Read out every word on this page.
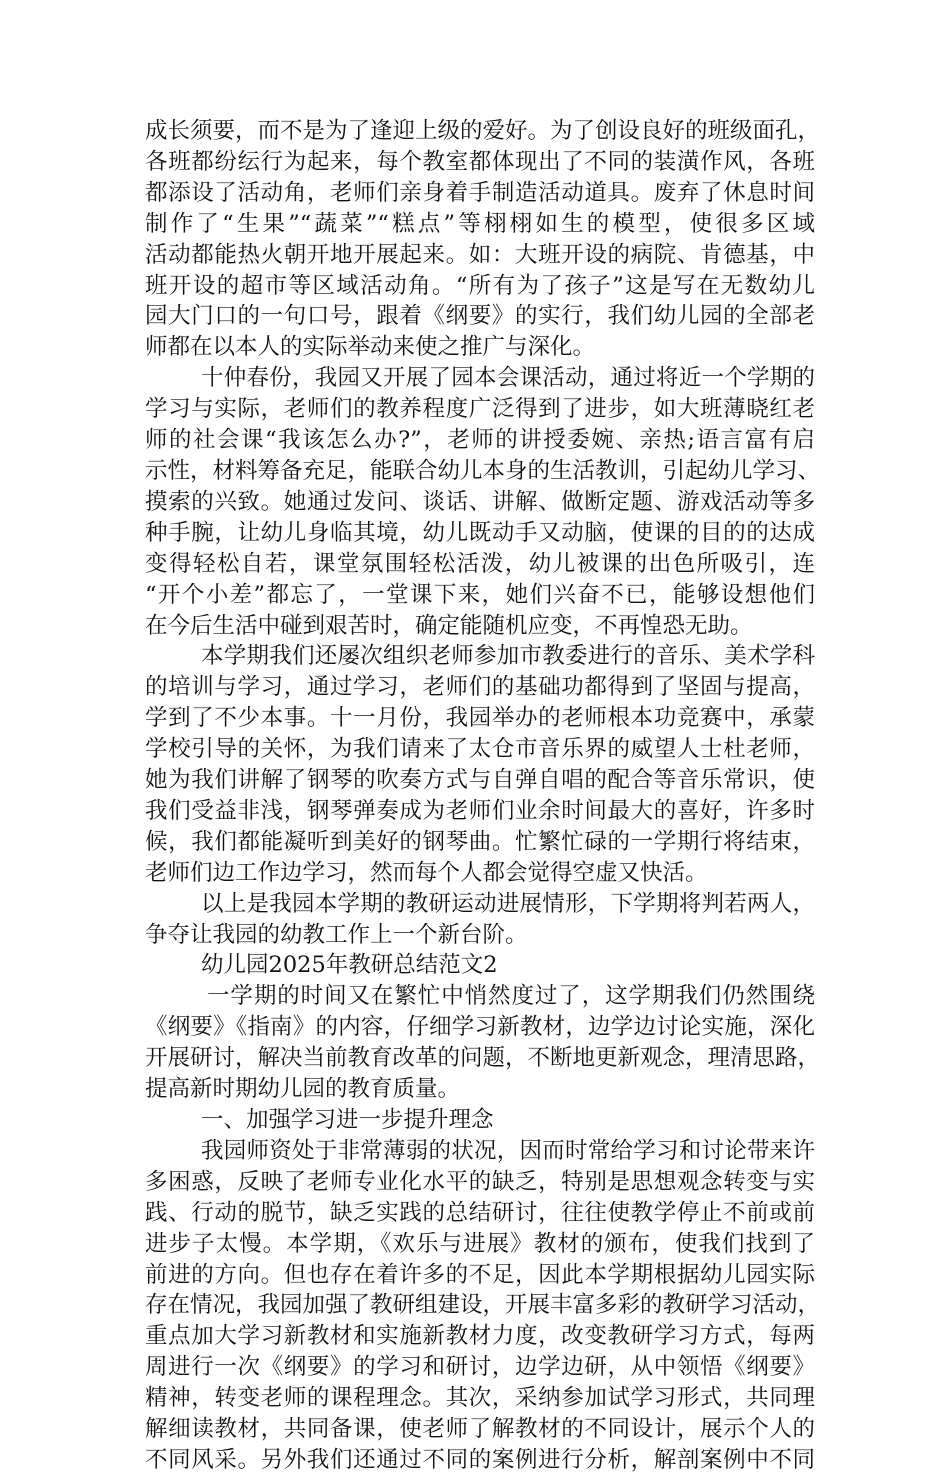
成长须要，而不是为了逢迎上级的爱好。为了创设良好的班级面孔，
各班都纷纭行为起来，每个教室都体现出了不同的装潢作风，各班
都添设了活动角，老师们亲身着手制造活动道具。废弃了休息时间
制作了“生果”“蔬菜”“糕点”等栩栩如生的模型，使很多区域
活动都能热火朝开地开展起来。如：大班开设的病院、肯德基，中
班开设的超市等区域活动角。“所有为了孩子”这是写在无数幼儿
园大门口的一句口号，跟着《纲要》的实行，我们幼儿园的全部老
师都在以本人的实际举动来使之推广与深化。
十仲春份，我园又开展了园本会课活动，通过将近一个学期的
学习与实际，老师们的教养程度广泛得到了进步，如大班薄晓红老
师的社会课“我该怎么办?”，老师的讲授委婉、亲热;语言富有启
示性，材料筹备充足，能联合幼儿本身的生活教训，引起幼儿学习、
摸索的兴致。她通过发问、谈话、讲解、做断定题、游戏活动等多
种手腕，让幼儿身临其境，幼儿既动手又动脑，使课的目的的达成
变得轻松自若，课堂氛围轻松活泼，幼儿被课的出色所吸引，连
“开个小差”都忘了，一堂课下来，她们兴奋不已，能够设想他们
在今后生活中碰到艰苦时，确定能随机应变，不再惶恐无助。
本学期我们还屡次组织老师参加市教委进行的音乐、美术学科
的培训与学习，通过学习，老师们的基础功都得到了坚固与提高，
学到了不少本事。十一月份，我园举办的老师根本功竞赛中，承蒙
学校引导的关怀，为我们请来了太仓市音乐界的威望人士杜老师，
她为我们讲解了钢琴的吹奏方式与自弹自唱的配合等音乐常识，使
我们受益非浅，钢琴弹奏成为老师们业余时间最大的喜好，许多时
候，我们都能凝听到美好的钢琴曲。忙繁忙碌的一学期行将结束，
老师们边工作边学习，然而每个人都会觉得空虚又快活。
以上是我园本学期的教研运动进展情形，下学期将判若两人，
争夺让我园的幼教工作上一个新台阶。
幼儿园2025年教研总结范文2
一学期的时间又在繁忙中悄然度过了，这学期我们仍然围绕
《纲要》《指南》的内容，仔细学习新教材，边学边讨论实施，深化
开展研讨，解决当前教育改革的问题，不断地更新观念，理清思路，
提高新时期幼儿园的教育质量。
一、加强学习进一步提升理念
我园师资处于非常薄弱的状况，因而时常给学习和讨论带来许
多困惑，反映了老师专业化水平的缺乏，特别是思想观念转变与实
践、行动的脱节，缺乏实践的总结研讨，往往使教学停止不前或前
进步子太慢。本学期，《欢乐与进展》教材的颁布，使我们找到了
前进的方向。但也存在着许多的不足，因此本学期根据幼儿园实际
存在情况，我园加强了教研组建设，开展丰富多彩的教研学习活动，
重点加大学习新教材和实施新教材力度，改变教研学习方式，每两
周进行一次《纲要》的学习和研讨，边学边研，从中领悟《纲要》
精神，转变老师的课程理念。其次，采纳参加试学习形式，共同理
解细读教材，共同备课，使老师了解教材的不同设计，展示个人的
不同风采。另外我们还通过不同的案例进行分析，解剖案例中不同
